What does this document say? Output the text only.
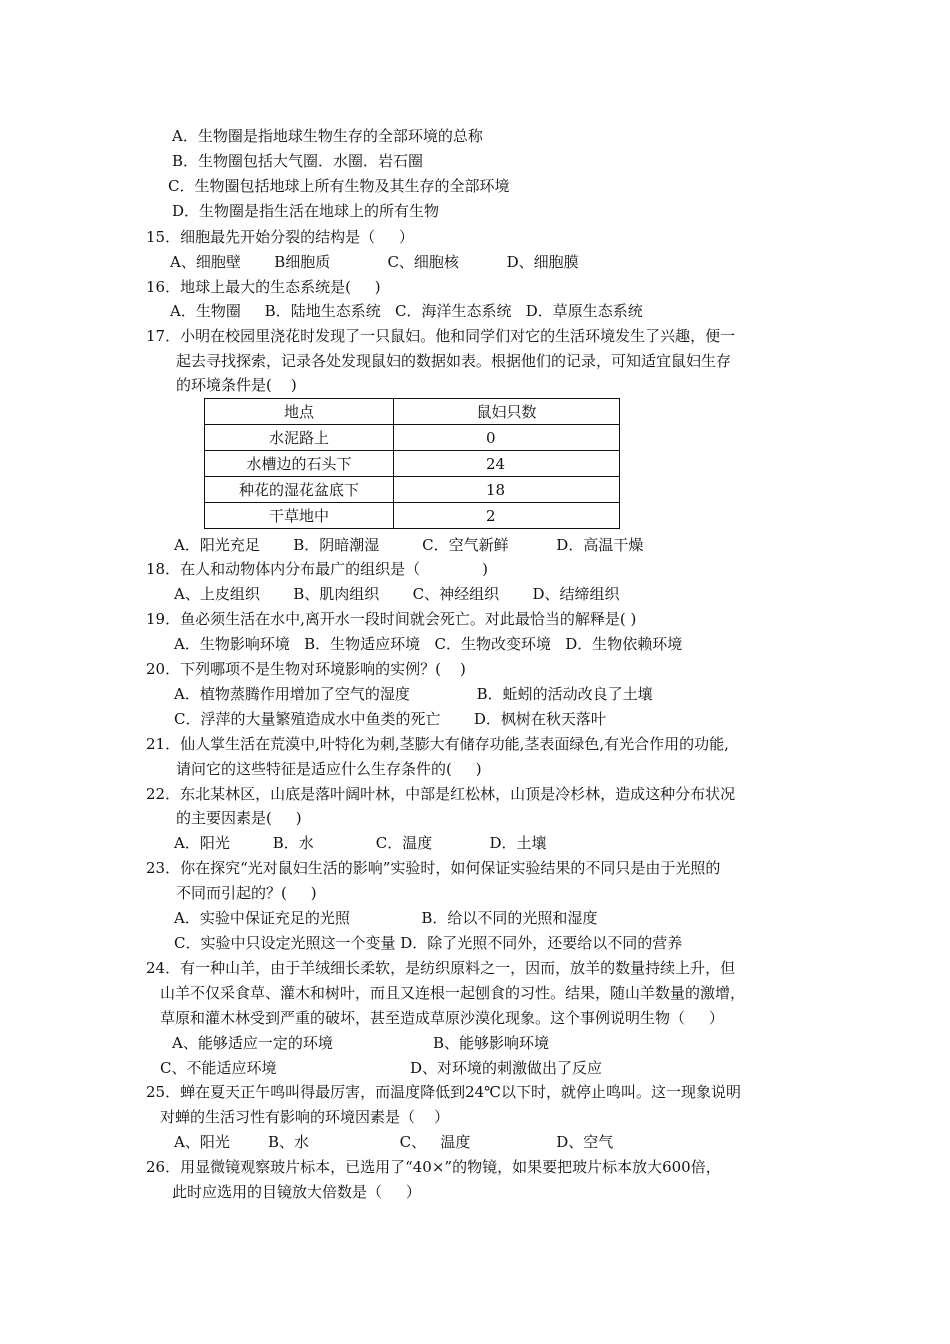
A．生物圈是指地球生物生存的全部环境的总称
B．生物圈包括大气圈．水圈．岩石圈
C．生物圈包括地球上所有生物及其生存的全部环境
D．生物圈是指生活在地球上的所有生物
15．细胞最先开始分裂的结构是（     ）
A、细胞壁       B细胞质            C、细胞核          D、细胞膜
16．地球上最大的生态系统是(     )
A．生物圈     B．陆地生态系统   C．海洋生态系统   D．草原生态系统
17．小明在校园里浇花时发现了一只鼠妇。他和同学们对它的生活环境发生了兴趣，便一
起去寻找探索，记录各处发现鼠妇的数据如表。根据他们的记录，可知适宜鼠妇生存
的环境条件是(    )
地点	鼠妇只数
水泥路上	0
水槽边的石头下	24
种花的湿花盆底下	18
干草地中	2
A．阳光充足       B．阴暗潮湿         C．空气新鲜          D．高温干燥
18．在人和动物体内分布最广的组织是（             )
A、上皮组织       B、肌肉组织       C、神经组织       D、结缔组织
19．鱼必须生活在水中,离开水一段时间就会死亡。对此最恰当的解释是( )
A．生物影响环境   B．生物适应环境   C．生物改变环境   D．生物依赖环境
20．下列哪项不是生物对环境影响的实例？(    )
A．植物蒸腾作用增加了空气的湿度              B．蚯蚓的活动改良了土壤
C．浮萍的大量繁殖造成水中鱼类的死亡       D．枫树在秋天落叶
21．仙人掌生活在荒漠中,叶特化为刺,茎膨大有储存功能,茎表面绿色,有光合作用的功能,
请问它的这些特征是适应什么生存条件的(     )
22．东北某林区，山底是落叶阔叶林，中部是红松林，山顶是冷杉林，造成这种分布状况
的主要因素是(     )
A．阳光         B．水             C．温度            D．土壤
23．你在探究“光对鼠妇生活的影响”实验时，如何保证实验结果的不同只是由于光照的
不同而引起的？(     )
A．实验中保证充足的光照               B．给以不同的光照和湿度
C．实验中只设定光照这一个变量 D．除了光照不同外，还要给以不同的营养
24．有一种山羊，由于羊绒细长柔软，是纺织原料之一，因而，放羊的数量持续上升，但
山羊不仅采食草、灌木和树叶，而且又连根一起刨食的习性。结果，随山羊数量的激增，
草原和灌木林受到严重的破坏，甚至造成草原沙漠化现象。这个事例说明生物（     ）
A、能够适应一定的环境                     B、能够影响环境
C、不能适应环境                            D、对环境的刺激做出了反应
25．蝉在夏天正午鸣叫得最厉害，而温度降低到24℃以下时，就停止鸣叫。这一现象说明
对蝉的生活习性有影响的环境因素是（    ）
A、阳光        B、水                   C、   温度                  D、空气
26．用显微镜观察玻片标本，已选用了“40×”的物镜，如果要把玻片标本放大600倍，
此时应选用的目镜放大倍数是（     ）
